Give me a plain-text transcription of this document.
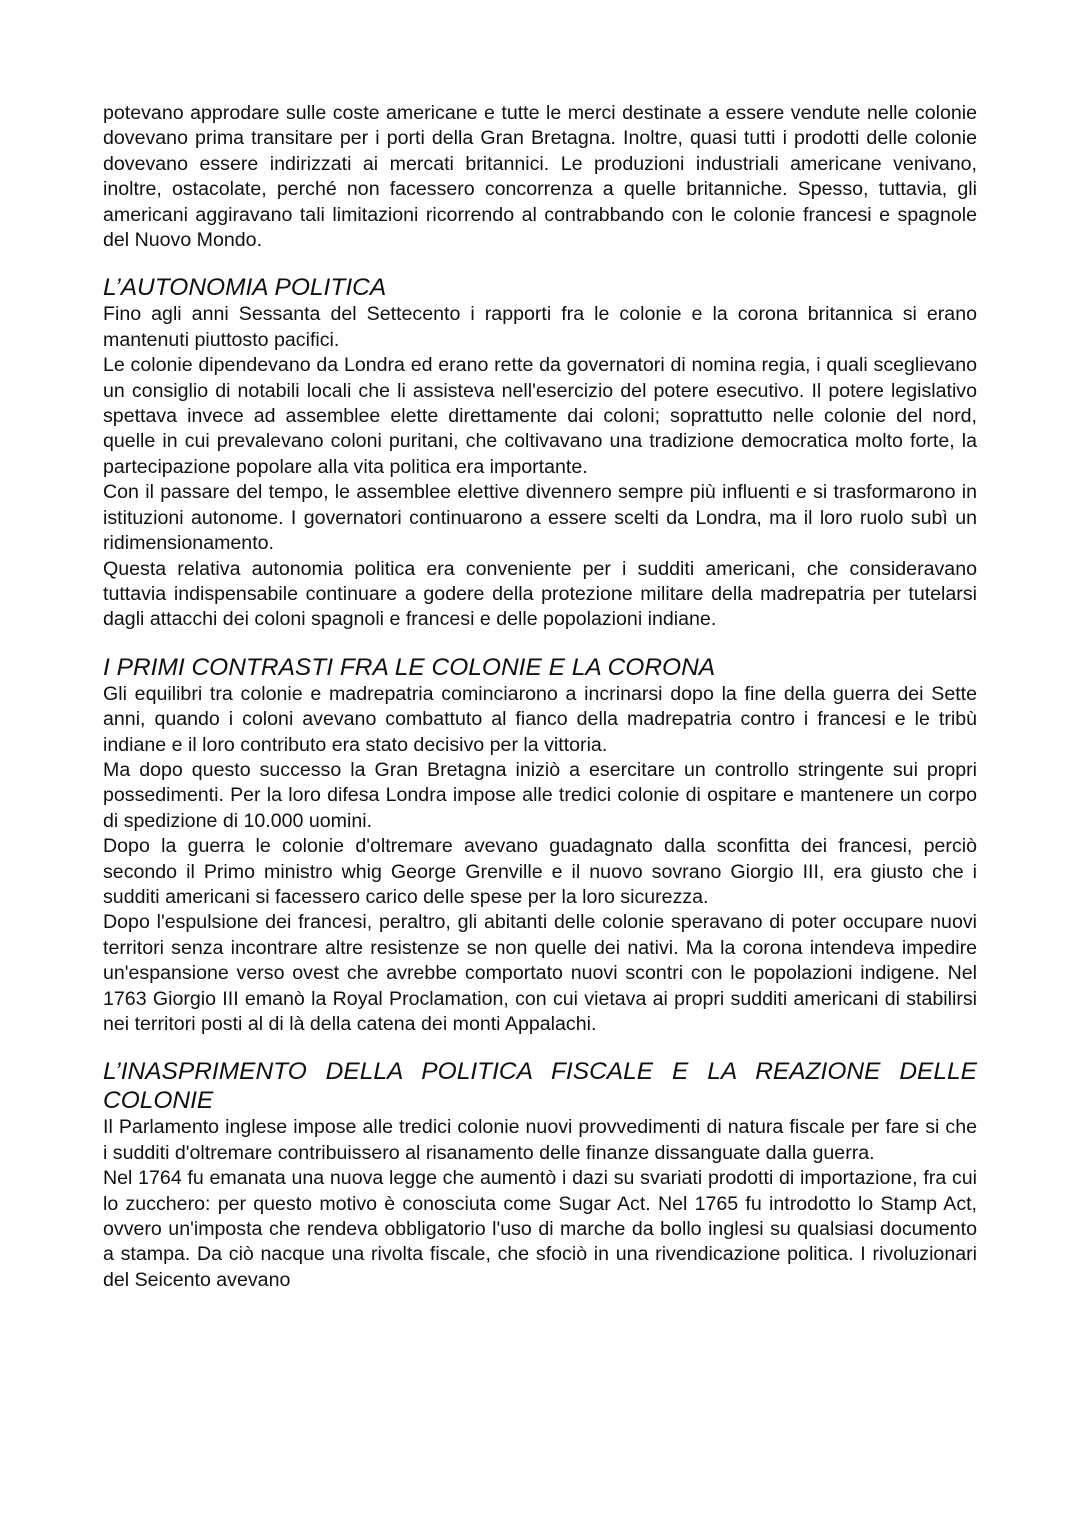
potevano approdare sulle coste americane e tutte le merci destinate a essere vendute nelle colonie dovevano prima transitare per i porti della Gran Bretagna. Inoltre, quasi tutti i prodotti delle colonie dovevano essere indirizzati ai mercati britannici. Le produzioni industriali americane venivano, inoltre, ostacolate, perché non facessero concorrenza a quelle britanniche. Spesso, tuttavia, gli americani aggiravano tali limitazioni ricorrendo al contrabbando con le colonie francesi e spagnole del Nuovo Mondo.

L’AUTONOMIA POLITICA

Fino agli anni Sessanta del Settecento i rapporti fra le colonie e la corona britannica si erano mantenuti piuttosto pacifici.

Le colonie dipendevano da Londra ed erano rette da governatori di nomina regia, i quali sceglievano un consiglio di notabili locali che li assisteva nell'esercizio del potere esecutivo. Il potere legislativo spettava invece ad assemblee elette direttamente dai coloni; soprattutto nelle colonie del nord, quelle in cui prevalevano coloni puritani, che coltivavano una tradizione democratica molto forte, la partecipazione popolare alla vita politica era importante.

Con il passare del tempo, le assemblee elettive divennero sempre più influenti e si trasformarono in istituzioni autonome. I governatori continuarono a essere scelti da Londra, ma il loro ruolo subì un ridimensionamento.

Questa relativa autonomia politica era conveniente per i sudditi americani, che consideravano tuttavia indispensabile continuare a godere della protezione militare della madrepatria per tutelarsi dagli attacchi dei coloni spagnoli e francesi e delle popolazioni indiane.

I PRIMI CONTRASTI FRA LE COLONIE E LA CORONA

Gli equilibri tra colonie e madrepatria cominciarono a incrinarsi dopo la fine della guerra dei Sette anni, quando i coloni avevano combattuto al fianco della madrepatria contro i francesi e le tribù indiane e il loro contributo era stato decisivo per la vittoria.

Ma dopo questo successo la Gran Bretagna iniziò a esercitare un controllo stringente sui propri possedimenti. Per la loro difesa Londra impose alle tredici colonie di ospitare e mantenere un corpo di spedizione di 10.000 uomini.

Dopo la guerra le colonie d'oltremare avevano guadagnato dalla sconfitta dei francesi, perciò secondo il Primo ministro whig George Grenville e il nuovo sovrano Giorgio III, era giusto che i sudditi americani si facessero carico delle spese per la loro sicurezza.

Dopo l'espulsione dei francesi, peraltro, gli abitanti delle colonie speravano di poter occupare nuovi territori senza incontrare altre resistenze se non quelle dei nativi. Ma la corona intendeva impedire un'espansione verso ovest che avrebbe comportato nuovi scontri con le popolazioni indigene. Nel 1763 Giorgio III emanò la Royal Proclamation, con cui vietava ai propri sudditi americani di stabilirsi nei territori posti al di là della catena dei monti Appalachi.

L’INASPRIMENTO DELLA POLITICA FISCALE E LA REAZIONE DELLE COLONIE

Il Parlamento inglese impose alle tredici colonie nuovi provvedimenti di natura fiscale per fare si che i sudditi d'oltremare contribuissero al risanamento delle finanze dissanguate dalla guerra.

Nel 1764 fu emanata una nuova legge che aumentò i dazi su svariati prodotti di importazione, fra cui lo zucchero: per questo motivo è conosciuta come Sugar Act. Nel 1765 fu introdotto lo Stamp Act, ovvero un'imposta che rendeva obbligatorio l'uso di marche da bollo inglesi su qualsiasi documento a stampa. Da ciò nacque una rivolta fiscale, che sfociò in una rivendicazione politica. I rivoluzionari del Seicento avevano
